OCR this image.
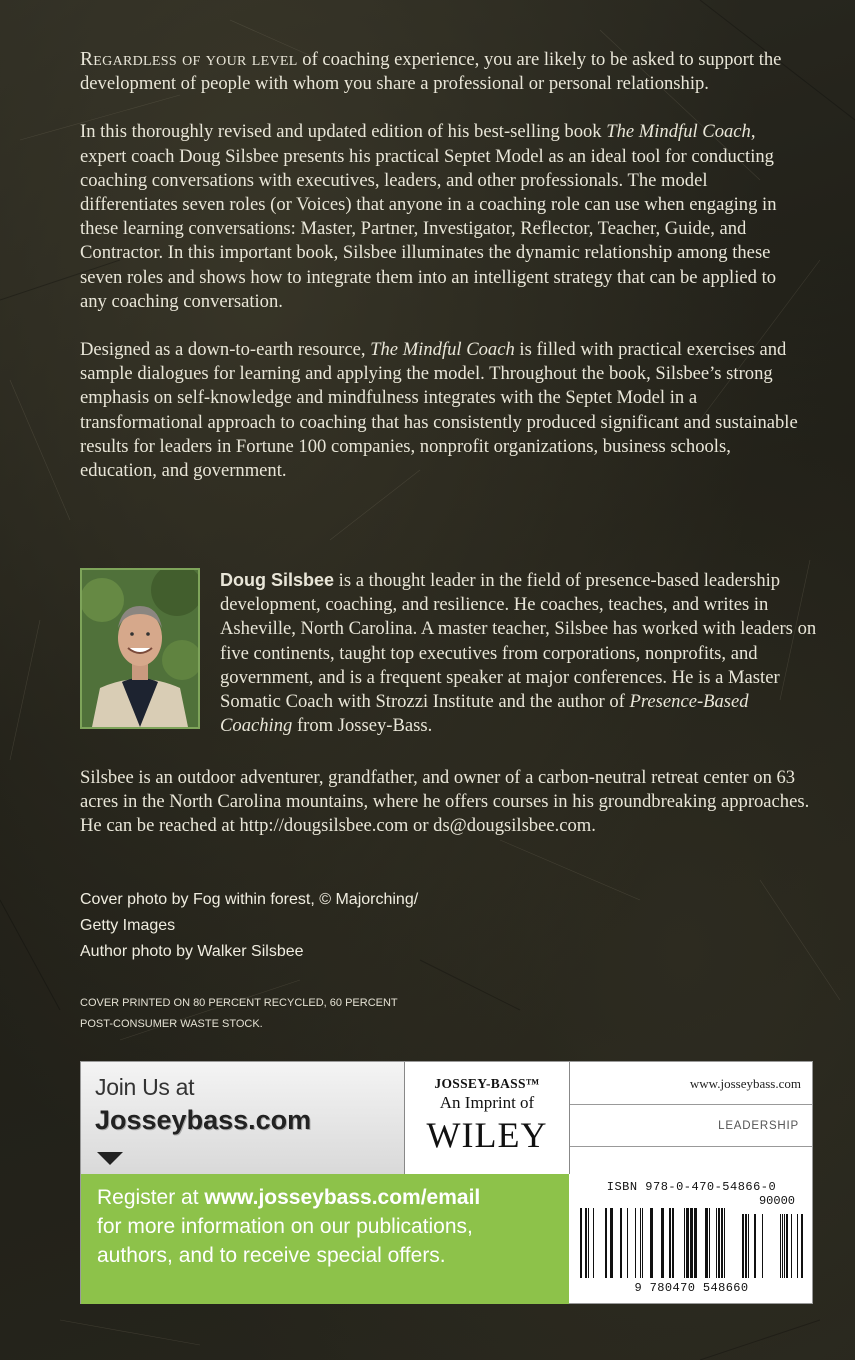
Regardless of your level of coaching experience, you are likely to be asked to support the development of people with whom you share a professional or personal relationship.

In this thoroughly revised and updated edition of his best-selling book The Mindful Coach, expert coach Doug Silsbee presents his practical Septet Model as an ideal tool for conducting coaching conversations with executives, leaders, and other professionals. The model differentiates seven roles (or Voices) that anyone in a coaching role can use when engaging in these learning conversations: Master, Partner, Investigator, Reflector, Teacher, Guide, and Contractor. In this important book, Silsbee illuminates the dynamic relationship among these seven roles and shows how to integrate them into an intelligent strategy that can be applied to any coaching conversation.

Designed as a down-to-earth resource, The Mindful Coach is filled with practical exercises and sample dialogues for learning and applying the model. Throughout the book, Silsbee’s strong emphasis on self-knowledge and mindfulness integrates with the Septet Model in a transformational approach to coaching that has consistently produced significant and sustainable results for leaders in Fortune 100 companies, nonprofit organizations, business schools, education, and government.

Doug Silsbee is a thought leader in the field of presence-based leadership development, coaching, and resilience. He coaches, teaches, and writes in Asheville, North Carolina. A master teacher, Silsbee has worked with leaders on five continents, taught top executives from corporations, nonprofits, and government, and is a frequent speaker at major conferences. He is a Master Somatic Coach with Strozzi Institute and the author of Presence-Based Coaching from Jossey-Bass.
Silsbee is an outdoor adventurer, grandfather, and owner of a carbon-neutral retreat center on 63 acres in the North Carolina mountains, where he offers courses in his groundbreaking approaches. He can be reached at http://dougsilsbee.com or ds@dougsilsbee.com.
Cover photo by Fog within forest, © Majorching/
Getty Images
Author photo by Walker Silsbee
COVER PRINTED ON 80 PERCENT RECYCLED, 60 PERCENT
POST-CONSUMER WASTE STOCK.
Join Us at
Josseybass.com
JOSSEY-BASS™
An Imprint of
WILEY
Register at www.josseybass.com/email
for more information on our publications,
authors, and to receive special offers.
www.josseybass.com
LEADERSHIP
ISBN 978-0-470-54866-0
90000
9 780470 548660
